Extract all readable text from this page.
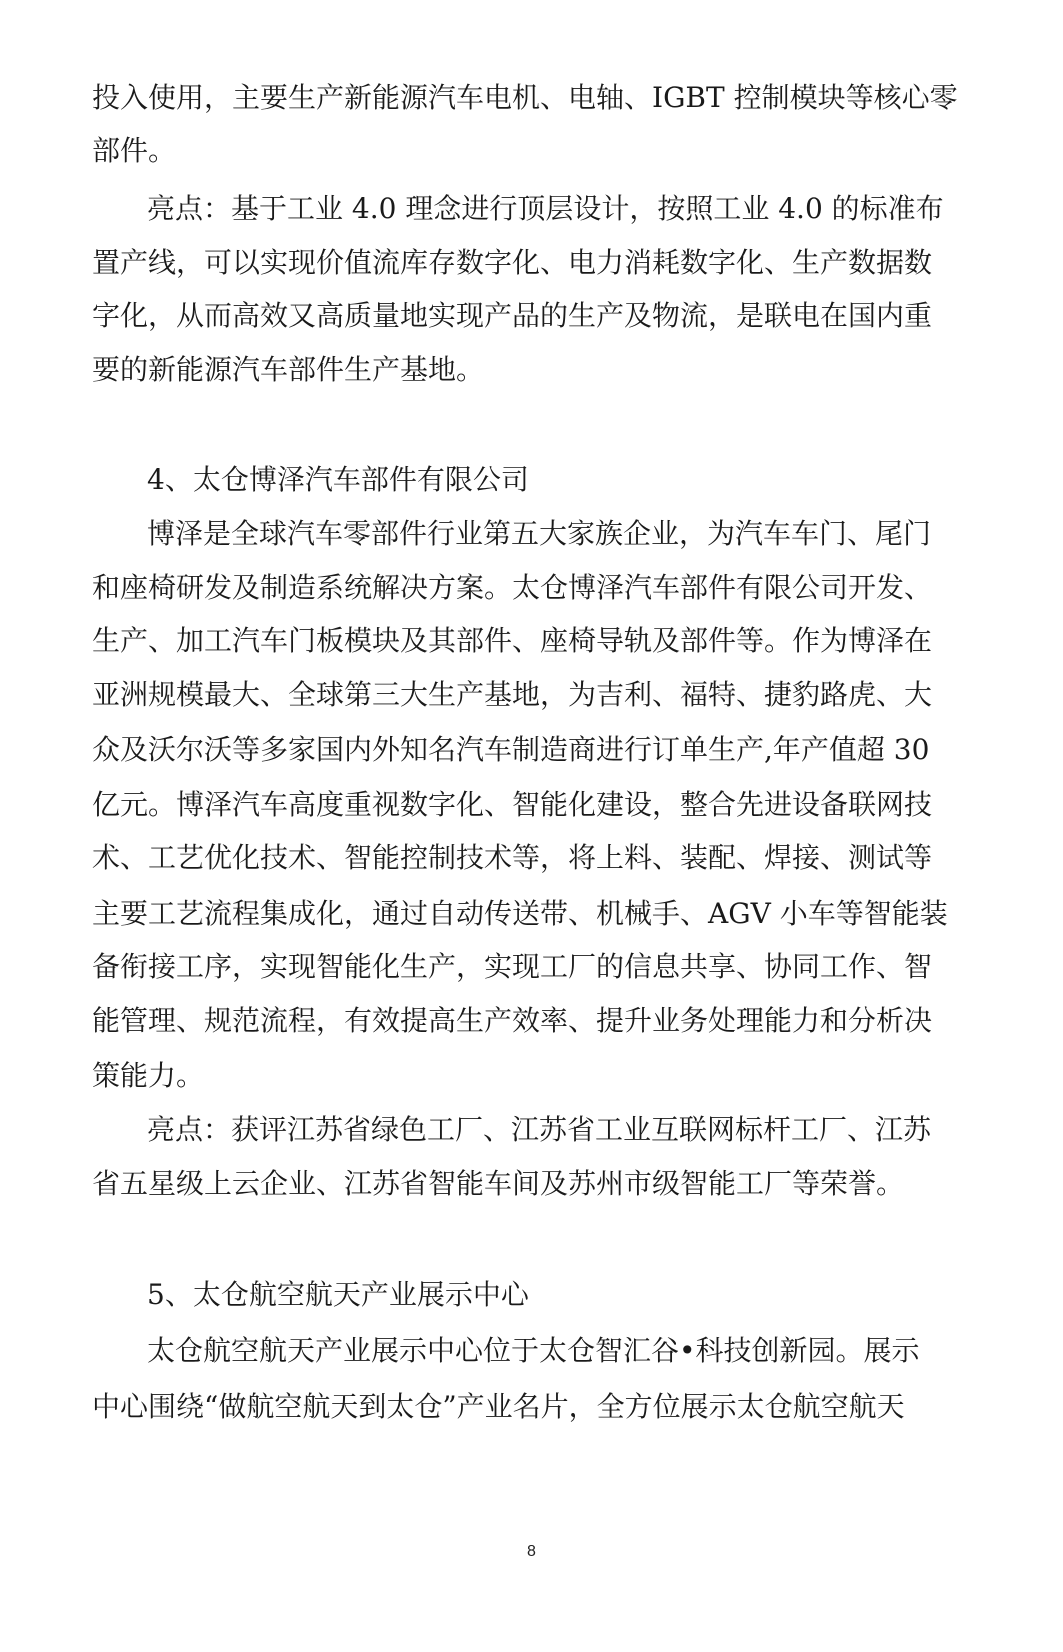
投入使用，主要生产新能源汽车电机、电轴、IGBT 控制模块等核心零
部件。
亮点：基于工业 4.0 理念进行顶层设计，按照工业 4.0 的标准布
置产线，可以实现价值流库存数字化、电力消耗数字化、生产数据数
字化，从而高效又高质量地实现产品的生产及物流，是联电在国内重
要的新能源汽车部件生产基地。
4、太仓博泽汽车部件有限公司
博泽是全球汽车零部件行业第五大家族企业，为汽车车门、尾门
和座椅研发及制造系统解决方案。太仓博泽汽车部件有限公司开发、
生产、加工汽车门板模块及其部件、座椅导轨及部件等。作为博泽在
亚洲规模最大、全球第三大生产基地，为吉利、福特、捷豹路虎、大
众及沃尔沃等多家国内外知名汽车制造商进行订单生产,年产值超 30
亿元。博泽汽车高度重视数字化、智能化建设，整合先进设备联网技
术、工艺优化技术、智能控制技术等，将上料、装配、焊接、测试等
主要工艺流程集成化，通过自动传送带、机械手、AGV 小车等智能装
备衔接工序，实现智能化生产，实现工厂的信息共享、协同工作、智
能管理、规范流程，有效提高生产效率、提升业务处理能力和分析决
策能力。
亮点：获评江苏省绿色工厂、江苏省工业互联网标杆工厂、江苏
省五星级上云企业、江苏省智能车间及苏州市级智能工厂等荣誉。
5、太仓航空航天产业展示中心
太仓航空航天产业展示中心位于太仓智汇谷•科技创新园。展示
中心围绕“做航空航天到太仓”产业名片，全方位展示太仓航空航天
8
